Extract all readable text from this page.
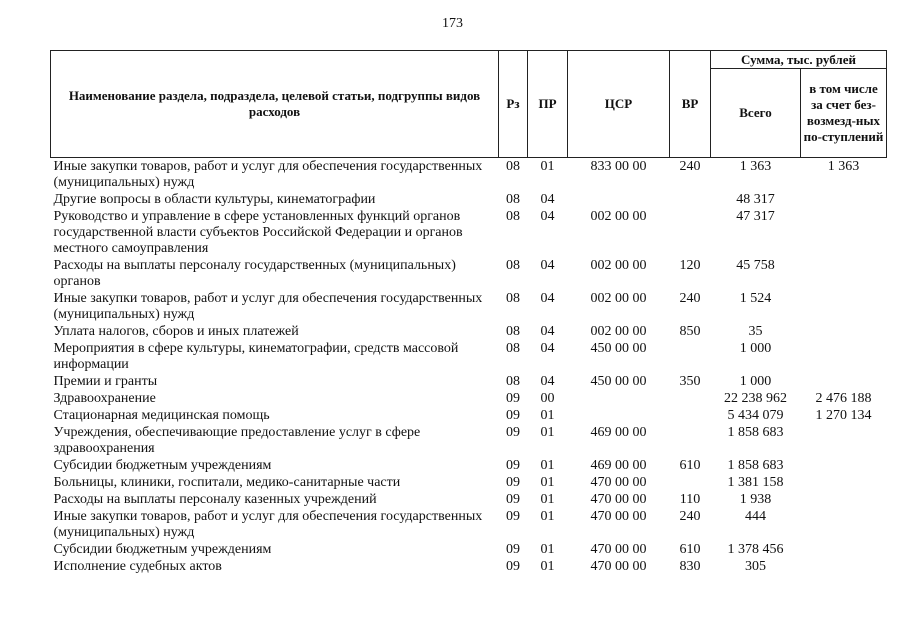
173
Наименование раздела, подраздела, целевой статьи, подгруппы видов расходов	Рз	ПР	ЦСР	ВР	Сумма, тыс. рублей	
					Всего	в том числе за счет без-возмезд-ных по-ступлений
Иные закупки товаров, работ и услуг для обеспечения государственных (муниципальных) нужд	08	01	833 00 00	240	1 363	1 363
Другие вопросы в области культуры, кинематографии	08	04			48 317	
Руководство и управление в сфере установленных функций органов государственной власти субъектов Российской Федерации и органов местного самоуправления	08	04	002 00 00		47 317	
Расходы на выплаты персоналу государственных (муниципальных) органов	08	04	002 00 00	120	45 758	
Иные закупки товаров, работ и услуг для обеспечения государственных (муниципальных) нужд	08	04	002 00 00	240	1 524	
Уплата налогов, сборов и иных платежей	08	04	002 00 00	850	35	
Мероприятия в сфере культуры, кинематографии, средств массовой информации	08	04	450 00 00		1 000	
Премии и гранты	08	04	450 00 00	350	1 000	
Здравоохранение	09	00			22 238 962	2 476 188
Стационарная медицинская помощь	09	01			5 434 079	1 270 134
Учреждения, обеспечивающие предоставление услуг в сфере здравоохранения	09	01	469 00 00		1 858 683	
Субсидии бюджетным учреждениям	09	01	469 00 00	610	1 858 683	
Больницы, клиники, госпитали, медико-санитарные части	09	01	470 00 00		1 381 158	
Расходы на выплаты персоналу казенных учреждений	09	01	470 00 00	110	1 938	
Иные закупки товаров, работ и услуг для обеспечения государственных (муниципальных) нужд	09	01	470 00 00	240	444	
Субсидии бюджетным учреждениям	09	01	470 00 00	610	1 378 456	
Исполнение судебных актов	09	01	470 00 00	830	305	
